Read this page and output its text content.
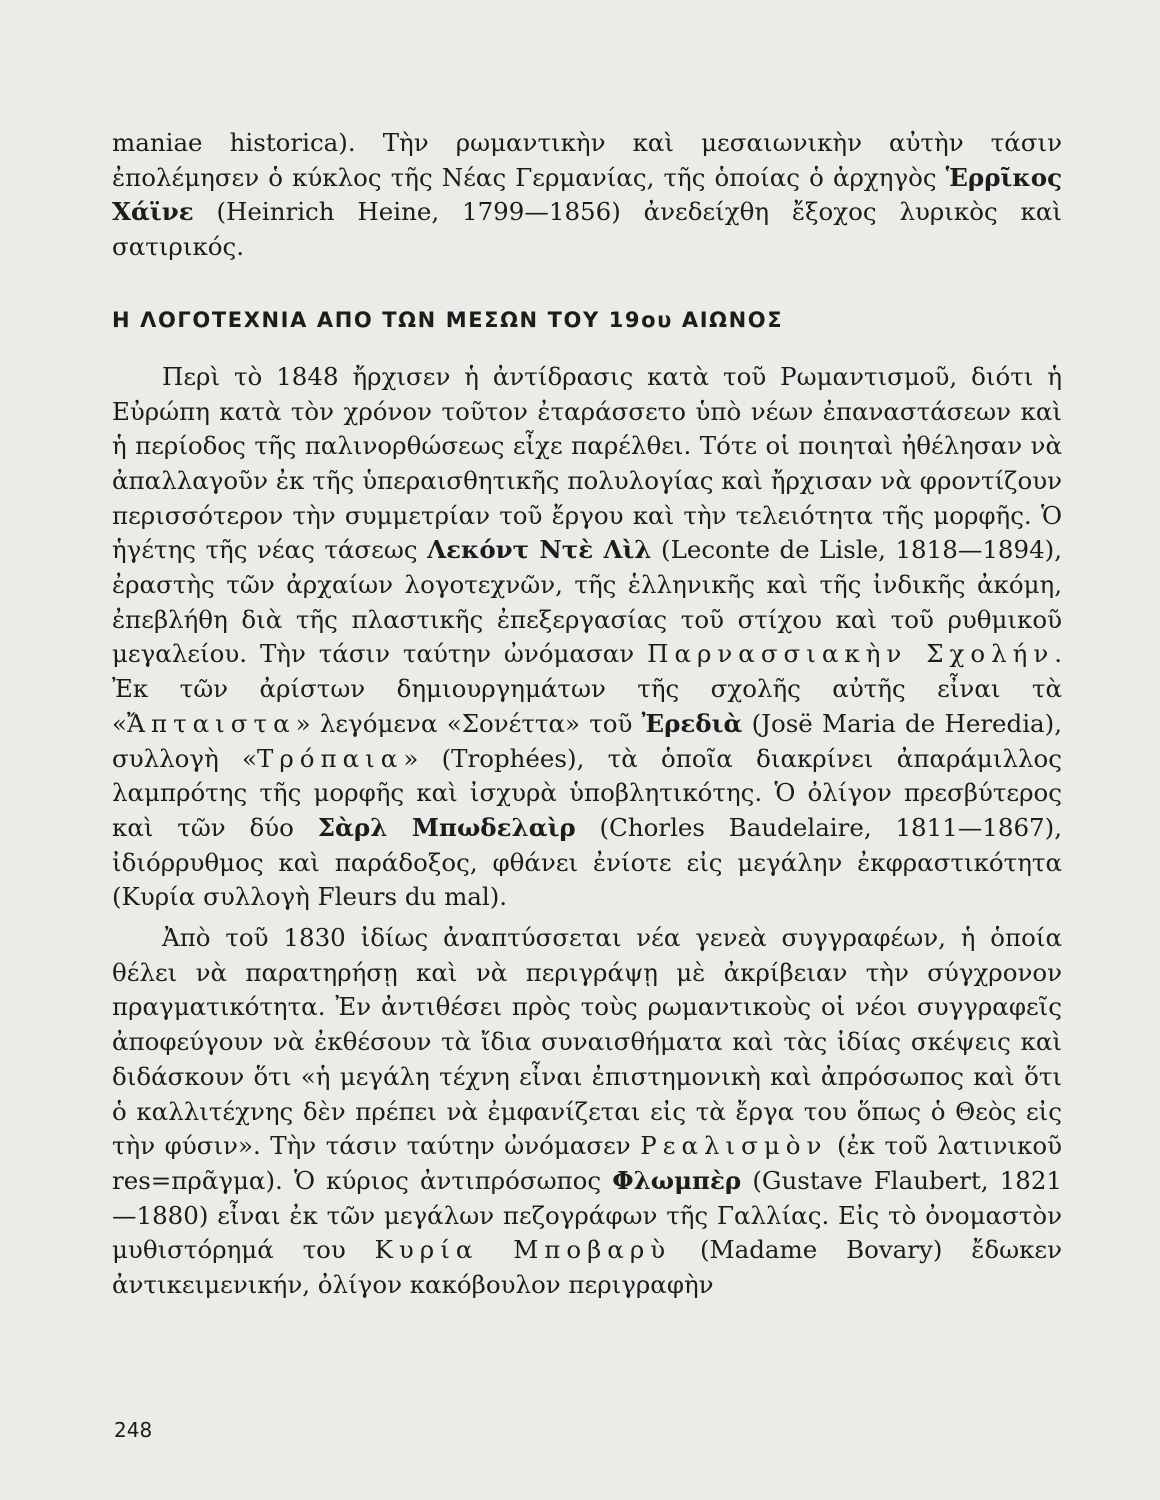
maniae historica). Τὴν ρωμαντικὴν καὶ μεσαιωνικὴν αὐτὴν τάσιν ἐπολέμησεν ὁ κύκλος τῆς Νέας Γερμανίας, τῆς ὁποίας ὁ ἀρχηγὸς Ἑρρῖκος Χάϊνε (Heinrich Heine, 1799—1856) ἀνεδείχθη ἔξοχος λυρικὸς καὶ σατιρικός.

Η ΛΟΓΟΤΕΧΝΙΑ ΑΠΟ ΤΩΝ ΜΕΣΩΝ ΤΟΥ 19ου ΑΙΩΝΟΣ

Περὶ τὸ 1848 ἤρχισεν ἡ ἀντίδρασις κατὰ τοῦ Ρωμαντισμοῦ, διότι ἡ Εὐρώπη κατὰ τὸν χρόνον τοῦτον ἐταράσσετο ὑπὸ νέων ἐπαναστάσεων καὶ ἡ περίοδος τῆς παλινορθώσεως εἶχε παρέλθει. Τότε οἱ ποιηταὶ ἠθέλησαν νὰ ἀπαλλαγοῦν ἐκ τῆς ὑπεραισθητικῆς πολυλογίας καὶ ἤρχισαν νὰ φροντίζουν περισσότερον τὴν συμμετρίαν τοῦ ἔργου καὶ τὴν τελειότητα τῆς μορφῆς. Ὁ ἡγέτης τῆς νέας τάσεως Λεκόντ Ντὲ Λὶλ (Leconte de Lisle, 1818—1894), ἐραστὴς τῶν ἀρχαίων λογοτεχνῶν, τῆς ἑλληνικῆς καὶ τῆς ἰνδικῆς ἀκόμη, ἐπεβλήθη διὰ τῆς πλαστικῆς ἐπεξεργασίας τοῦ στίχου καὶ τοῦ ρυθμικοῦ μεγαλείου. Τὴν τάσιν ταύτην ὠνόμασαν Παρνασσιακὴν Σχολήν. Ἐκ τῶν ἀρίστων δημιουργημάτων τῆς σχολῆς αὐτῆς εἶναι τὰ «Ἄπταιστα» λεγόμενα «Σονέττα» τοῦ Ἐρεδιὰ (Josë Maria de Heredia), συλλογὴ «Τρόπαια» (Trophées), τὰ ὁποῖα διακρίνει ἀπαράμιλλος λαμπρότης τῆς μορφῆς καὶ ἰσχυρὰ ὑποβλητικότης. Ὁ ὀλίγον πρεσβύτερος καὶ τῶν δύο Σὰρλ Μπωδελαὶρ (Chorles Baudelaire, 1811—1867), ἰδιόρρυθμος καὶ παράδοξος, φθάνει ἐνίοτε εἰς μεγάλην ἐκφραστικότητα (Κυρία συλλογὴ Fleurs du mal).

Ἀπὸ τοῦ 1830 ἰδίως ἀναπτύσσεται νέα γενεὰ συγγραφέων, ἡ ὁποία θέλει νὰ παρατηρήσῃ καὶ νὰ περιγράψῃ μὲ ἀκρίβειαν τὴν σύγχρονον πραγματικότητα. Ἐν ἀντιθέσει πρὸς τοὺς ρωμαντικοὺς οἱ νέοι συγγραφεῖς ἀποφεύγουν νὰ ἐκθέσουν τὰ ἴδια συναισθήματα καὶ τὰς ἰδίας σκέψεις καὶ διδάσκουν ὅτι «ἡ μεγάλη τέχνη εἶναι ἐπιστημονικὴ καὶ ἀπρόσωπος καὶ ὅτι ὁ καλλιτέχνης δὲν πρέπει νὰ ἐμφανίζεται εἰς τὰ ἔργα του ὅπως ὁ Θεὸς εἰς τὴν φύσιν». Τὴν τάσιν ταύτην ὠνόμασεν Ρεαλισμὸν (ἐκ τοῦ λατινικοῦ res=πρᾶγμα). Ὁ κύριος ἀντιπρόσωπος Φλωμπὲρ (Gustave Flaubert, 1821—1880) εἶναι ἐκ τῶν μεγάλων πεζογράφων τῆς Γαλλίας. Εἰς τὸ ὀνομαστὸν μυθιστόρημά του Κυρία Μποβαρὺ (Madame Bovary) ἔδωκεν ἀντικειμενικήν, ὀλίγον κακόβουλον περιγραφὴν

248
